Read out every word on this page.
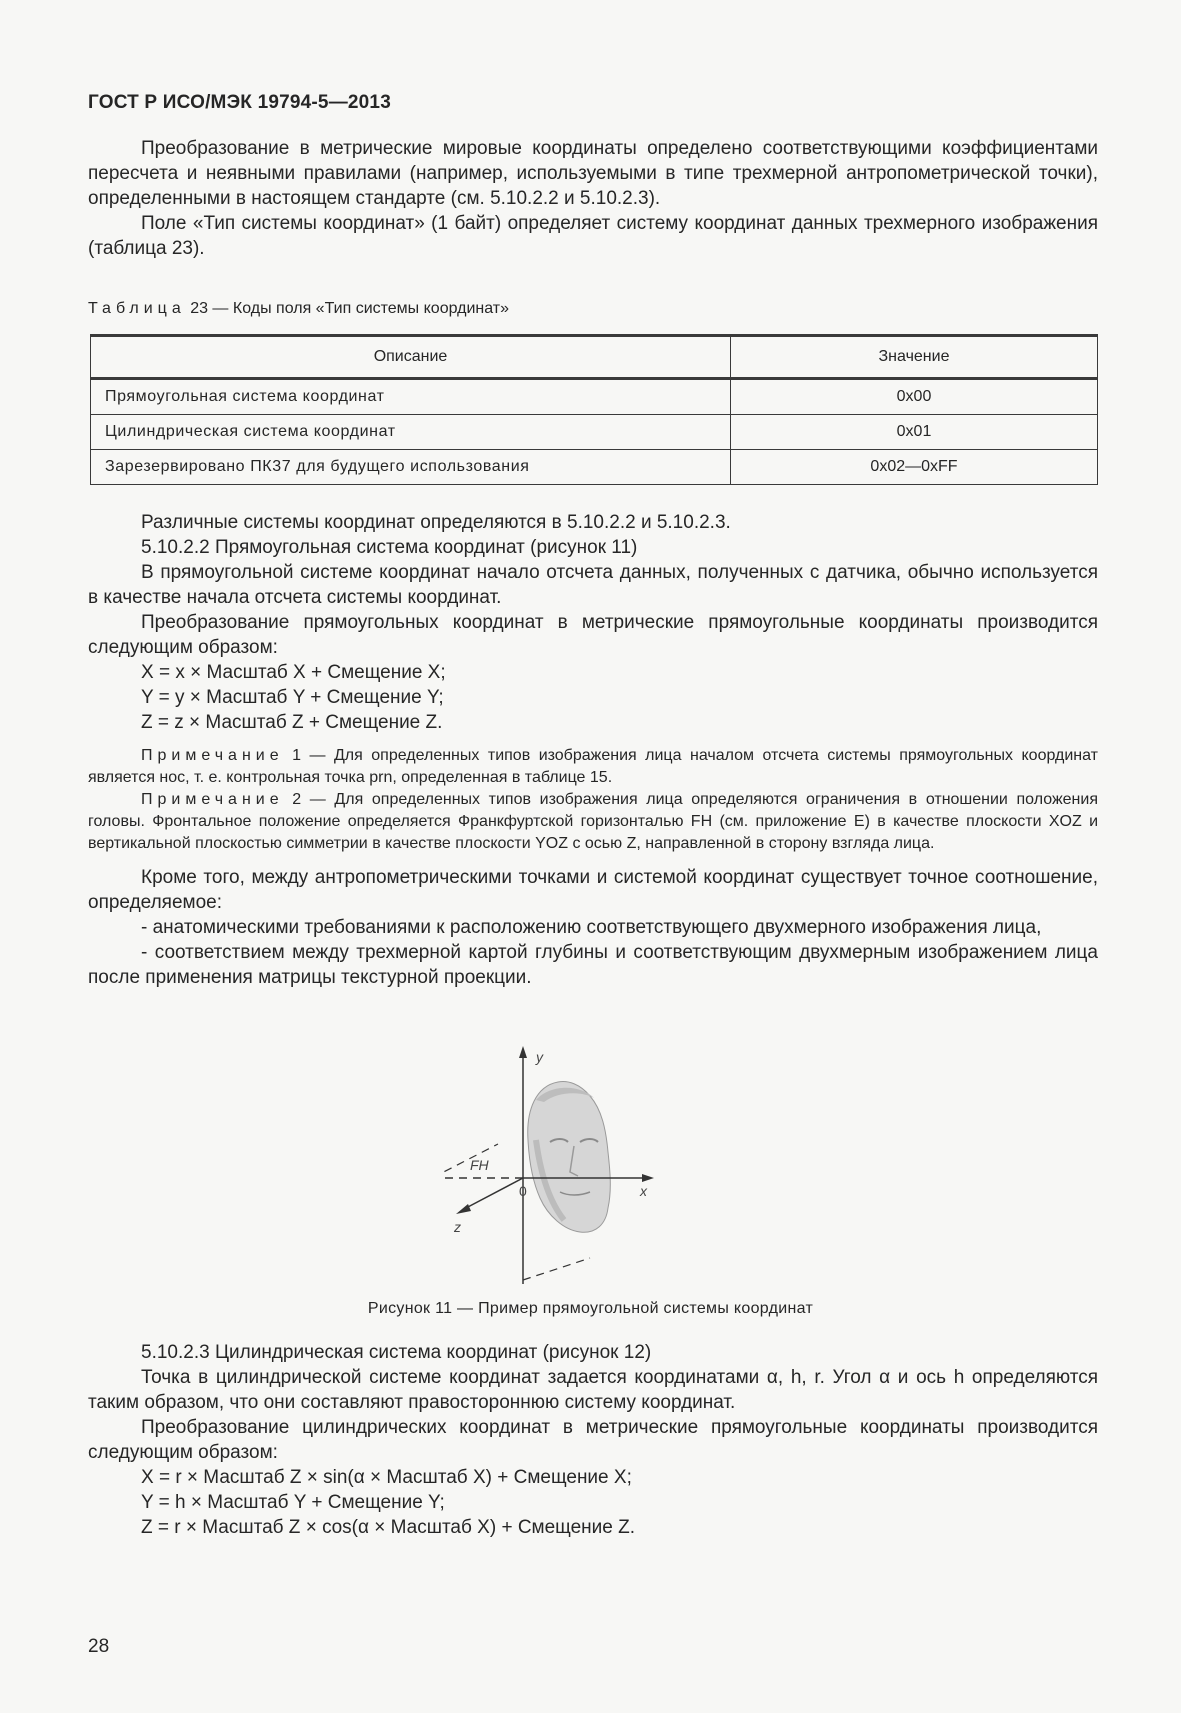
ГОСТ Р ИСО/МЭК 19794-5—2013

Преобразование в метрические мировые координаты определено соответствующими коэффициентами пересчета и неявными правилами (например, используемыми в типе трехмерной антропометрической точки), определенными в настоящем стандарте (см. 5.10.2.2 и 5.10.2.3).

Поле «Тип системы координат» (1 байт) определяет систему координат данных трехмерного изображения (таблица 23).

Таблица 23 — Коды поля «Тип системы координат»
Описание	Значение
Прямоугольная система координат	0x00
Цилиндрическая система координат	0x01
Зарезервировано ПК37 для будущего использования	0x02—0xFF

Различные системы координат определяются в 5.10.2.2 и 5.10.2.3.

5.10.2.2 Прямоугольная система координат (рисунок 11)

В прямоугольной системе координат начало отсчета данных, полученных с датчика, обычно используется в качестве начала отсчета системы координат.

Преобразование прямоугольных координат в метрические прямоугольные координаты производится следующим образом:

X = x × Масштаб X + Смещение X;

Y = y × Масштаб Y + Смещение Y;

Z = z × Масштаб Z + Смещение Z.

Примечание 1 — Для определенных типов изображения лица началом отсчета системы прямоугольных координат является нос, т. е. контрольная точка prn, определенная в таблице 15.

Примечание 2 — Для определенных типов изображения лица определяются ограничения в отношении положения головы. Фронтальное положение определяется Франкфуртской горизонталью FH (см. приложение E) в качестве плоскости XOZ и вертикальной плоскостью симметрии в качестве плоскости YOZ с осью Z, направленной в сторону взгляда лица.

Кроме того, между антропометрическими точками и системой координат существует точное соотношение, определяемое:

- анатомическими требованиями к расположению соответствующего двухмерного изображения лица,

- соответствием между трехмерной картой глубины и соответствующим двухмерным изображением лица после применения матрицы текстурной проекции.

y
x
z
0
FH
Рисунок 11 — Пример прямоугольной системы координат

5.10.2.3 Цилиндрическая система координат (рисунок 12)

Точка в цилиндрической системе координат задается координатами α, h, r. Угол α и ось h определяются таким образом, что они составляют правостороннюю систему координат.

Преобразование цилиндрических координат в метрические прямоугольные координаты производится следующим образом:

X = r × Масштаб Z × sin(α × Масштаб X) + Смещение X;

Y = h × Масштаб Y + Смещение Y;

Z = r × Масштаб Z × cos(α × Масштаб X) + Смещение Z.

28
